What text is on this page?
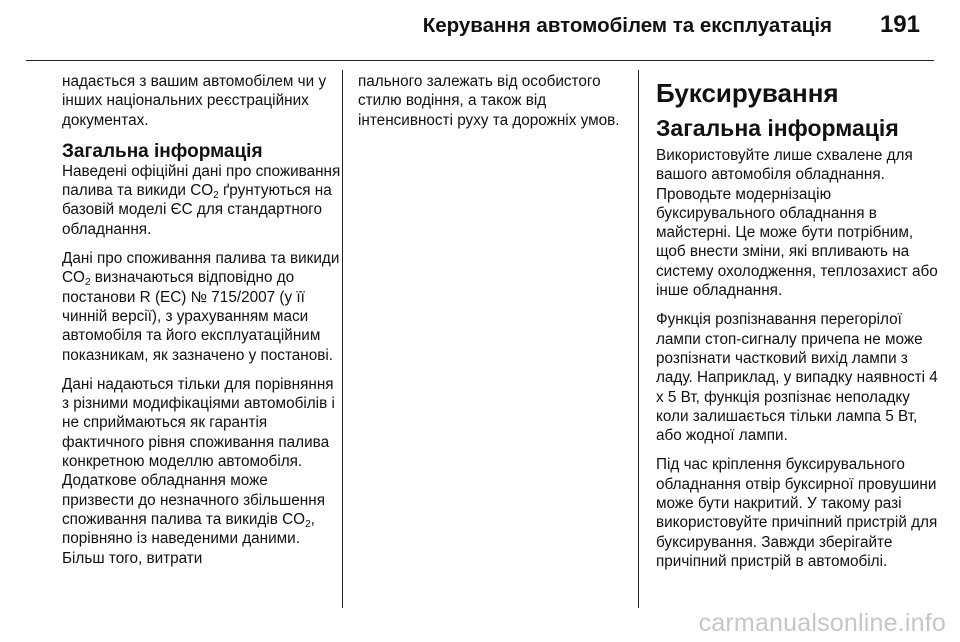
Керування автомобілем та експлуатація 191

надається з вашим автомобілем чи у інших національних реєстраційних документах.

Загальна інформація

Наведені офіційні дані про споживання палива та викиди $CO_2$ ґрунтуються на базовій моделі ЄС для стандартного обладнання.

Дані про споживання палива та викиди $CO_2$ визначаються відповідно до постанови R (EC) № 715/2007 (у її чинній версії), з урахуванням маси автомобіля та його експлуатаційним показникам, як зазначено у постанові.

Дані надаються тільки для порівняння з різними модифікаціями автомобілів і не сприймаються як гарантія фактичного рівня споживання палива конкретною моделлю автомобіля. Додаткове обладнання може призвести до незначного збільшення споживання палива та викидів $CO_2$, порівняно із наведеними даними. Більш того, витрати

пального залежать від особистого стилю водіння, а також від інтенсивності руху та дорожніх умов.

Буксирування
Загальна інформація

Використовуйте лише схвалене для вашого автомобіля обладнання. Проводьте модернізацію буксирувального обладнання в майстерні. Це може бути потрібним, щоб внести зміни, які впливають на систему охолодження, теплозахист або інше обладнання.

Функція розпізнавання перегорілої лампи стоп-сигналу причепа не може розпізнати частковий вихід лампи з ладу. Наприклад, у випадку наявності 4 x 5 Вт, функція розпізнає неполадку коли залишається тільки лампа 5 Вт, або жодної лампи.

Під час кріплення буксирувального обладнання отвір буксирної провушини може бути накритий. У такому разі використовуйте причіпний пристрій для буксирування. Завжди зберігайте причіпний пристрій в автомобілі.

carmanualsonline.info
